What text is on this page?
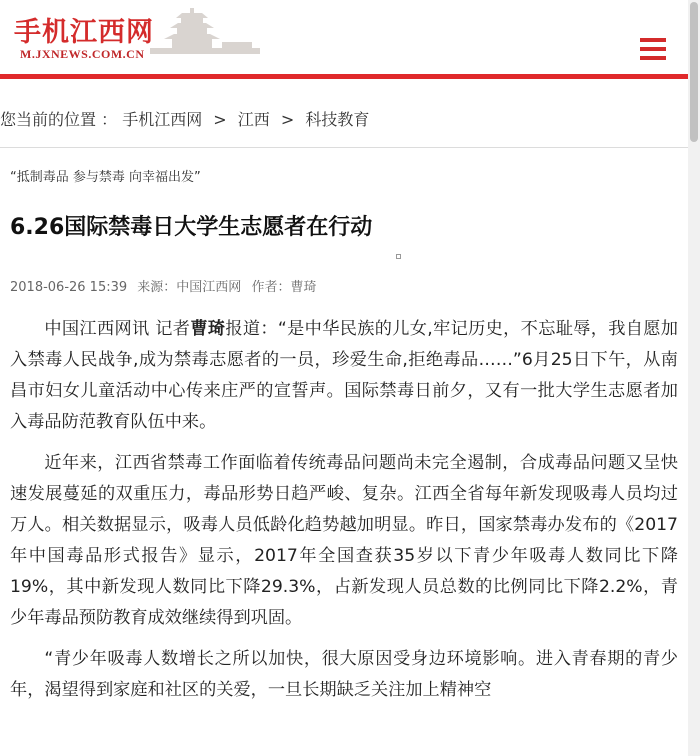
手机江西网
M.JXNEWS.COM.CN
您当前的位置 ： 手机江西网 > 江西 > 科技教育
“抵制毒品 参与禁毒 向幸福出发”
6.26国际禁毒日大学生志愿者在行动
2018-06-26 15:39 来源：中国江西网 作者：曹琦

中国江西网讯 记者曹琦报道：“是中华民族的儿女,牢记历史，不忘耻辱，我自愿加入禁毒人民战争,成为禁毒志愿者的一员，珍爱生命,拒绝毒品……”6月25日下午，从南昌市妇女儿童活动中心传来庄严的宣誓声。国际禁毒日前夕，又有一批大学生志愿者加入毒品防范教育队伍中来。

近年来，江西省禁毒工作面临着传统毒品问题尚未完全遏制，合成毒品问题又呈快速发展蔓延的双重压力，毒品形势日趋严峻、复杂。江西全省每年新发现吸毒人员均过万人。相关数据显示，吸毒人员低龄化趋势越加明显。昨日，国家禁毒办发布的《2017年中国毒品形式报告》显示，2017年全国查获35岁以下青少年吸毒人数同比下降19%，其中新发现人数同比下降29.3%，占新发现人员总数的比例同比下降2.2%，青少年毒品预防教育成效继续得到巩固。

“青少年吸毒人数增长之所以加快，很大原因受身边环境影响。进入青春期的青少年，渴望得到家庭和社区的关爱，一旦长期缺乏关注加上精神空
